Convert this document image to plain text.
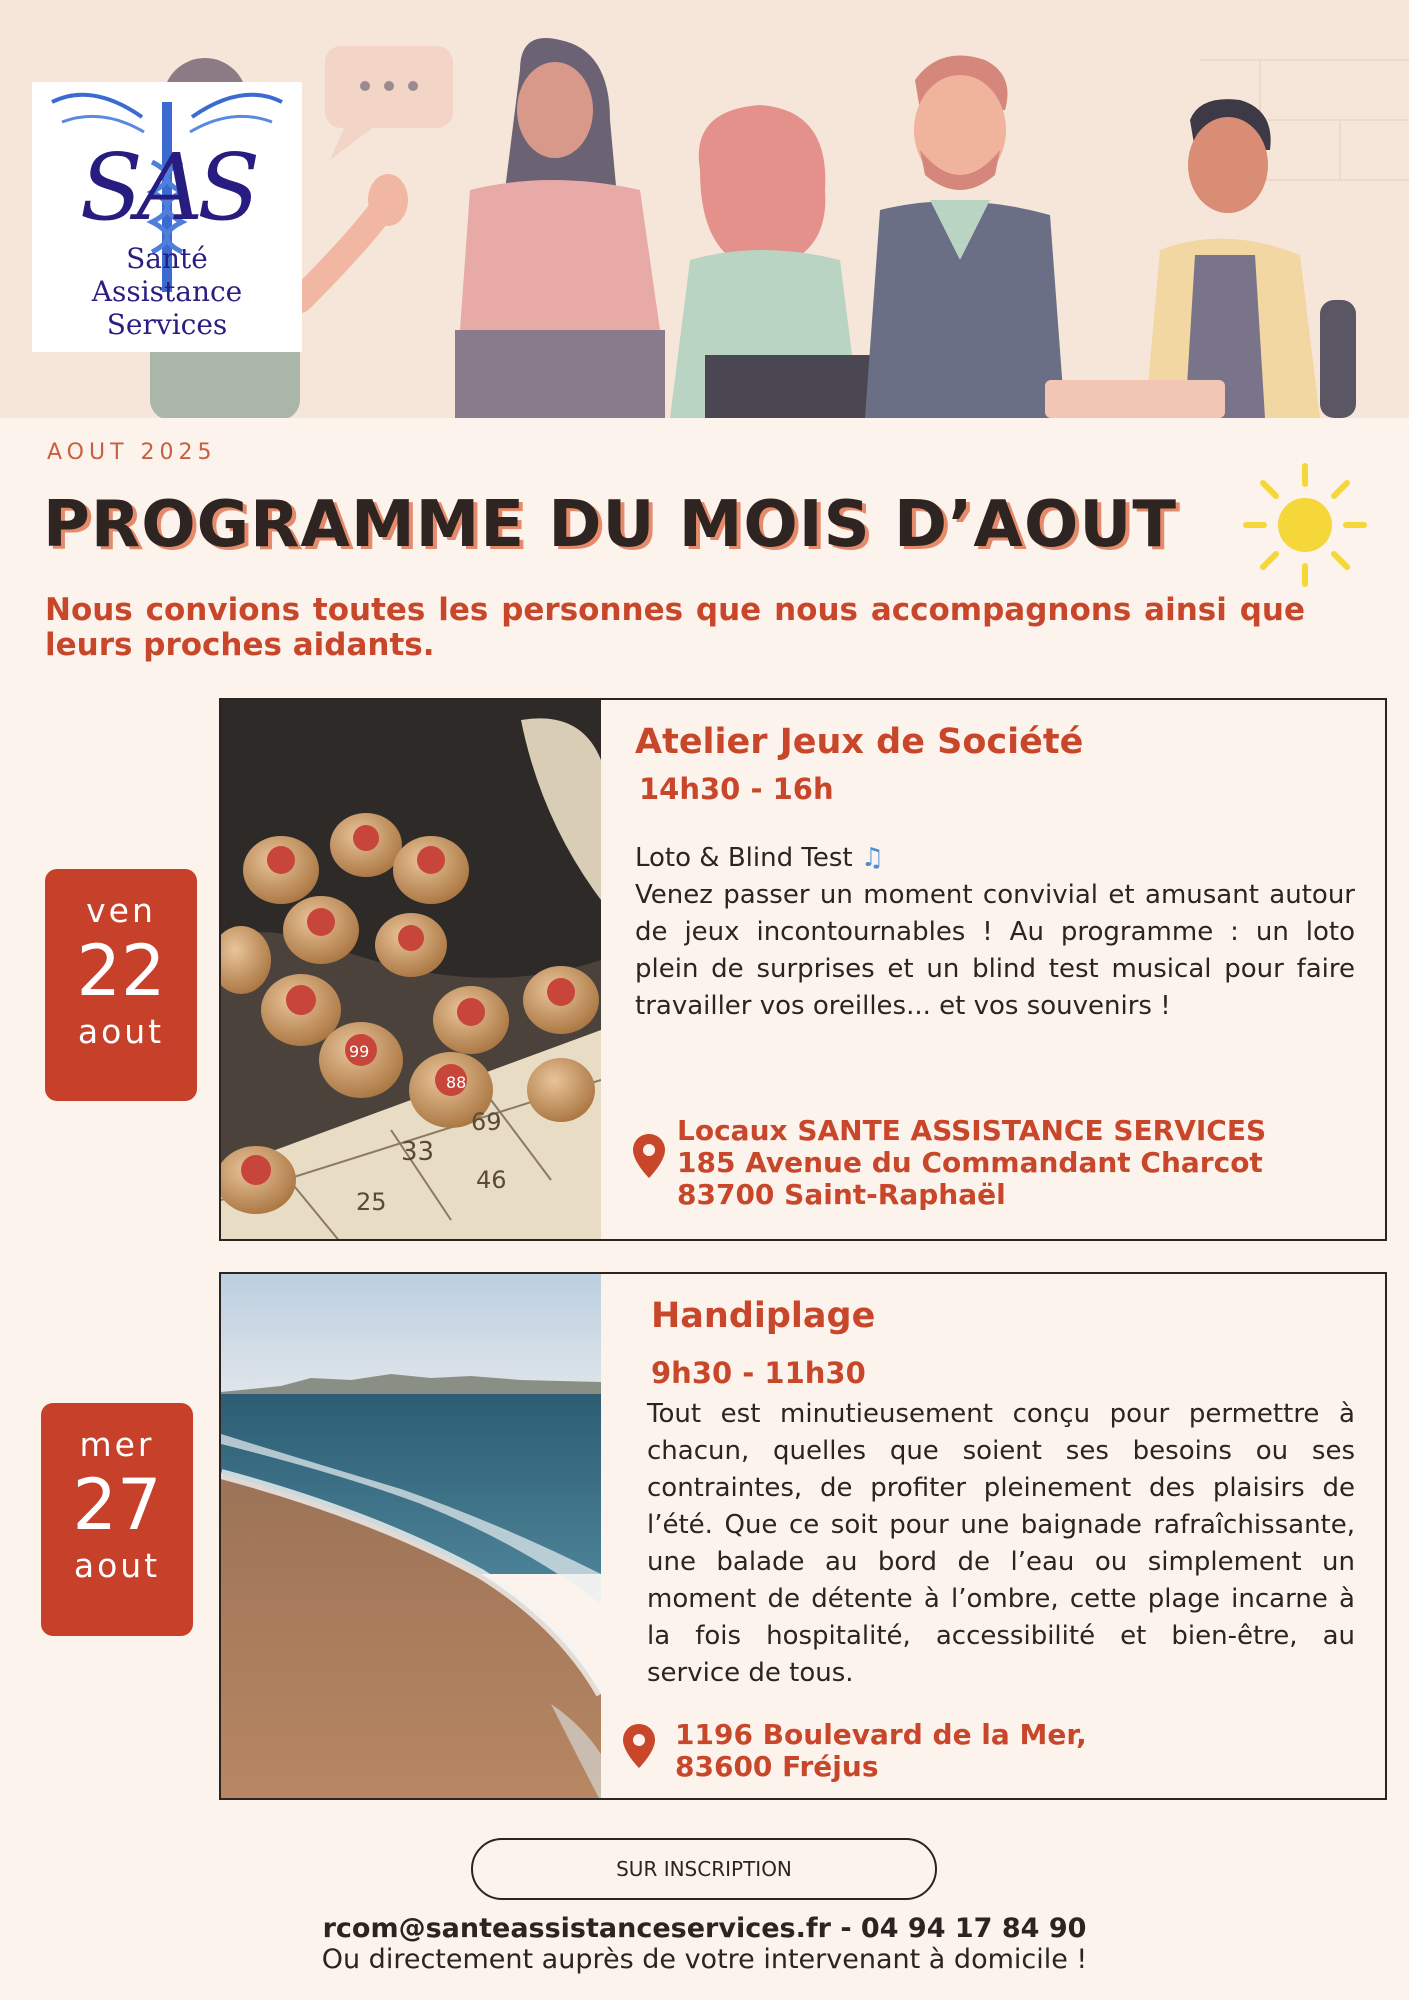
SAS
Santé
Assistance
Services
AOUT 2025
PROGRAMME DU MOIS D’AOUT
Nous convions toutes les personnes que nous accompagnons ainsi que leurs proches aidants.
33
69
46
25
88
99
Atelier Jeux de Société
14h30 - 16h

Loto & Blind Test ♫

Venez passer un moment convivial et amusant autour de jeux incontournables ! Au programme : un loto plein de surprises et un blind test musical pour faire travailler vos oreilles... et vos souvenirs !

Locaux SANTE ASSISTANCE SERVICES
185 Avenue du Commandant Charcot
83700 Saint-Raphaël
ven
22
aout
Handiplage
9h30 - 11h30
Tout est minutieusement conçu pour permettre à chacun, quelles que soient ses besoins ou ses contraintes, de profiter pleinement des plaisirs de l’été. Que ce soit pour une baignade rafraîchissante, une balade au bord de l’eau ou simplement un moment de détente à l’ombre, cette plage incarne à la fois hospitalité, accessibilité et bien-être, au service de tous.
1196 Boulevard de la Mer,
83600 Fréjus
mer
27
aout
SUR INSCRIPTION
rcom@santeassistanceservices.fr - 04 94 17 84 90
Ou directement auprès de votre intervenant à domicile !
